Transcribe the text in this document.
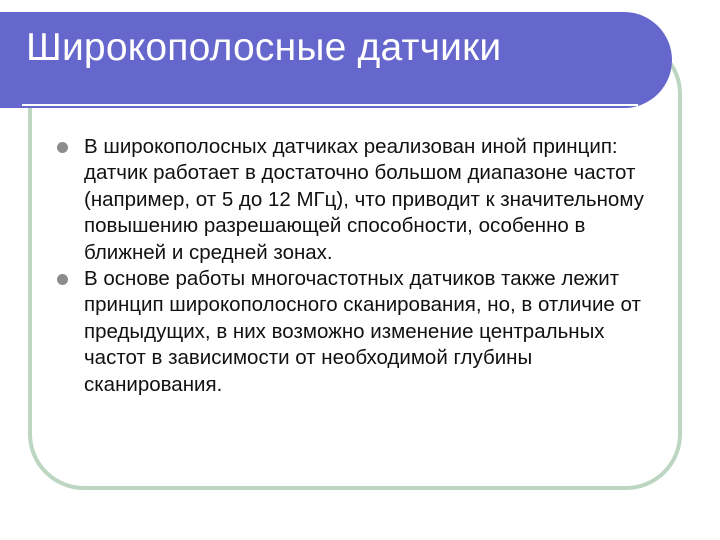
Широкополосные датчики
В широкополосных датчиках реализован иной принцип: датчик работает в достаточно большом диапазоне частот (например, от 5 до 12 МГц), что приводит к значительному повышению разрешающей способности, особенно в ближней и средней зонах.
В основе работы многочастотных датчиков также лежит принцип широкополосного сканирования, но, в отличие от предыдущих, в них возможно изменение центральных частот в зависимости от необходимой глубины сканирования.
